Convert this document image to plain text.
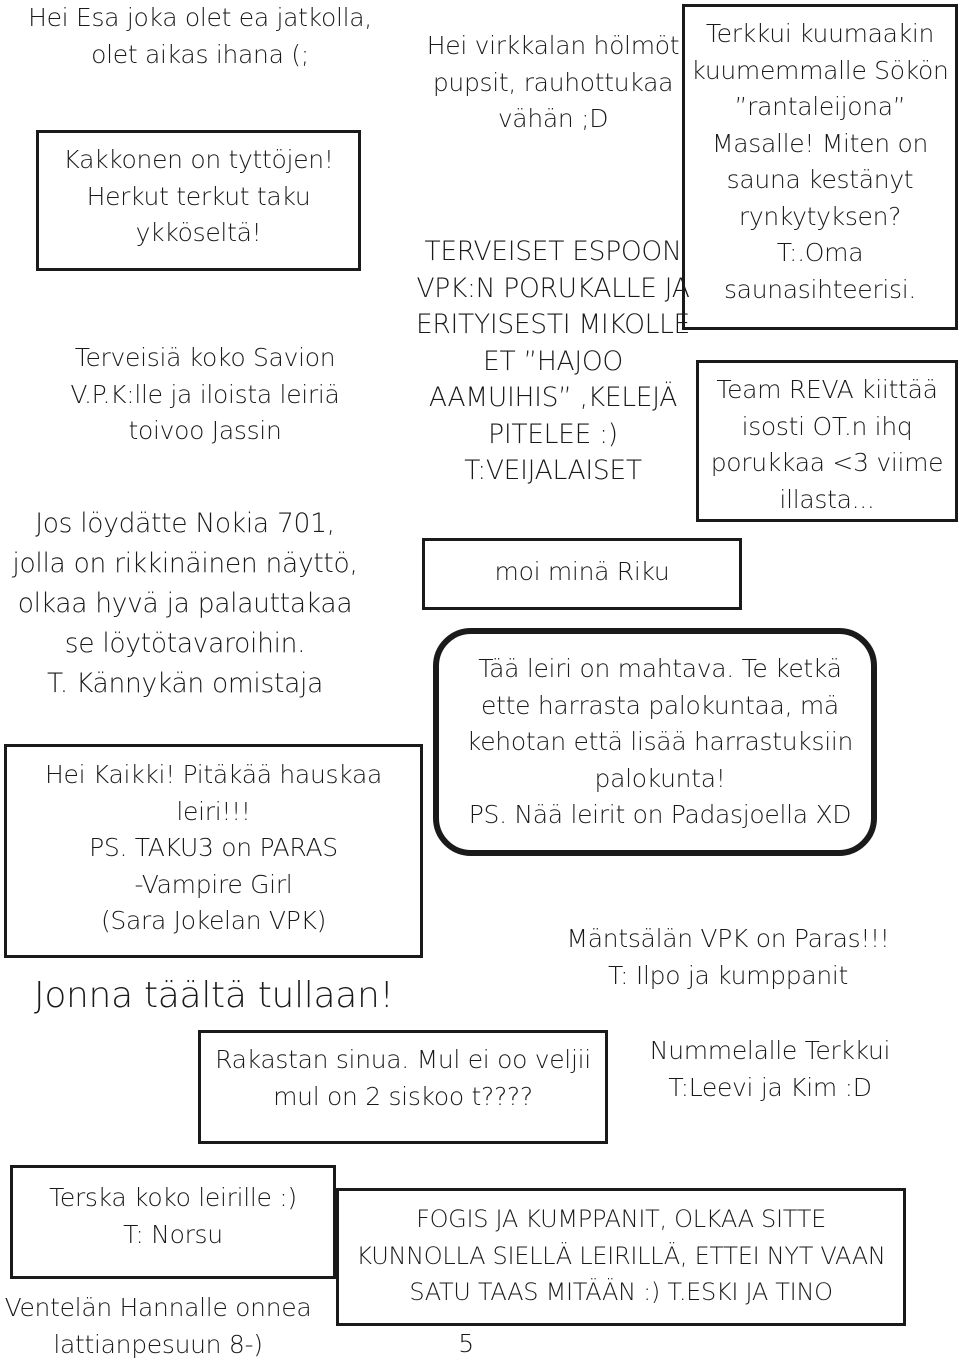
Hei Esa joka olet ea jatkolla,
olet aikas ihana (;
Kakkonen on tyttöjen!
Herkut terkut taku
ykköseltä!
Terveisiä koko Savion
V.P.K:lle ja iloista leiriä
toivoo Jassin
Jos löydätte Nokia 701,
jolla on rikkinäinen näyttö,
olkaa hyvä ja palauttakaa
se löytötavaroihin.
T. Kännykän omistaja
Hei Kaikki! Pitäkää hauskaa
leiri!!!
PS. TAKU3 on PARAS
-Vampire Girl
(Sara Jokelan VPK)
Jonna täältä tullaan!
Hei virkkalan hölmöt
pupsit, rauhottukaa
vähän ;D
TERVEISET ESPOON
VPK:N PORUKALLE JA
ERITYISESTI MIKOLLE
ET ”HAJOO
AAMUIHIS” ,KELEJÄ
PITELEE :)
T:VEIJALAISET
moi minä Riku
Terkkui kuumaakin
kuumemmalle Sökön
”rantaleijona”
Masalle! Miten on
sauna kestänyt
rynkytyksen?
T:.Oma
saunasihteerisi.
Team REVA kiittää
isosti OT.n ihq
porukkaa <3 viime
illasta...
Tää leiri on mahtava. Te ketkä
ette harrasta palokuntaa, mä
kehotan että lisää harrastuksiin
palokunta!
PS. Nää leirit on Padasjoella XD
Mäntsälän VPK on Paras!!!
T: Ilpo ja kumppanit
Rakastan sinua. Mul ei oo veljii
mul on 2 siskoo t????
Nummelalle Terkkui
T:Leevi ja Kim :D
Terska koko leirille :)
T: Norsu
Ventelän Hannalle onnea
lattianpesuun 8-)
FOGIS JA KUMPPANIT, OLKAA SITTE
KUNNOLLA SIELLÄ LEIRILLÄ, ETTEI NYT VAAN
SATU TAAS MITÄÄN :) T.ESKI JA TINO
5
